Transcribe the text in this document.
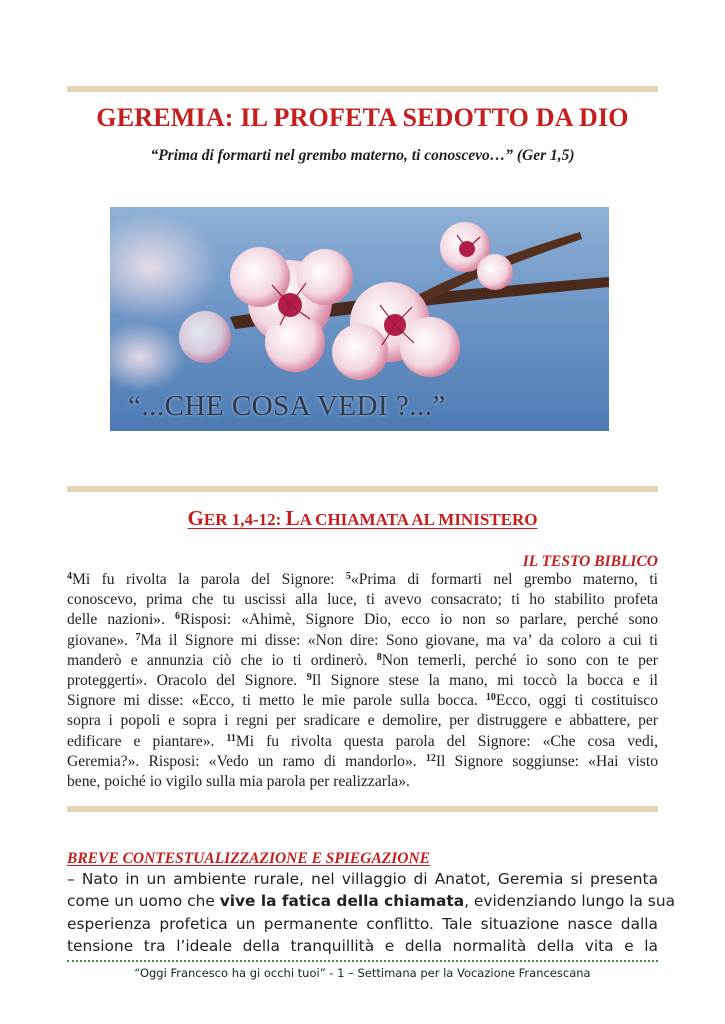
GEREMIA: IL PROFETA SEDOTTO DA DIO

“Prima di formarti nel grembo materno, ti conoscevo…” (Ger 1,5)

“...CHE COSA VEDI ?...”
GER 1,4-12: LA CHIAMATA AL MINISTERO
IL TESTO BIBLICO
$^4$Mi fu rivolta la parola del Signore: $^5$«Prima di formarti nel grembo materno, ti
conoscevo, prima che tu uscissi alla luce, ti avevo consacrato; ti ho stabilito profeta
delle nazioni». $^6$Risposi: «Ahimè, Signore Dio, ecco io non so parlare, perché sono
giovane». $^7$Ma il Signore mi disse: «Non dire: Sono giovane, ma va’ da coloro a cui ti
manderò e annunzia ciò che io ti ordinerò. $^8$Non temerli, perché io sono con te per
proteggerti». Oracolo del Signore. $^9$Il Signore stese la mano, mi toccò la bocca e il
Signore mi disse: «Ecco, ti metto le mie parole sulla bocca. $^{10}$Ecco, oggi ti costituisco
sopra i popoli e sopra i regni per sradicare e demolire, per distruggere e abbattere, per
edificare e piantare». $^{11}$Mi fu rivolta questa parola del Signore: «Che cosa vedi,
Geremia?». Risposi: «Vedo un ramo di mandorlo». $^{12}$Il Signore soggiunse: «Hai visto
bene, poiché io vigilo sulla mia parola per realizzarla».
BREVE CONTESTUALIZZAZIONE E SPIEGAZIONE
– Nato in un ambiente rurale, nel villaggio di Anatot, Geremia si presenta
come un uomo che vive la fatica della chiamata, evidenziando lungo la sua
esperienza profetica un permanente conflitto. Tale situazione nasce dalla
tensione tra l’ideale della tranquillità e della normalità della vita e la
“Oggi Francesco ha gi occhi tuoi” - 1 – Settimana per la Vocazione Francescana
